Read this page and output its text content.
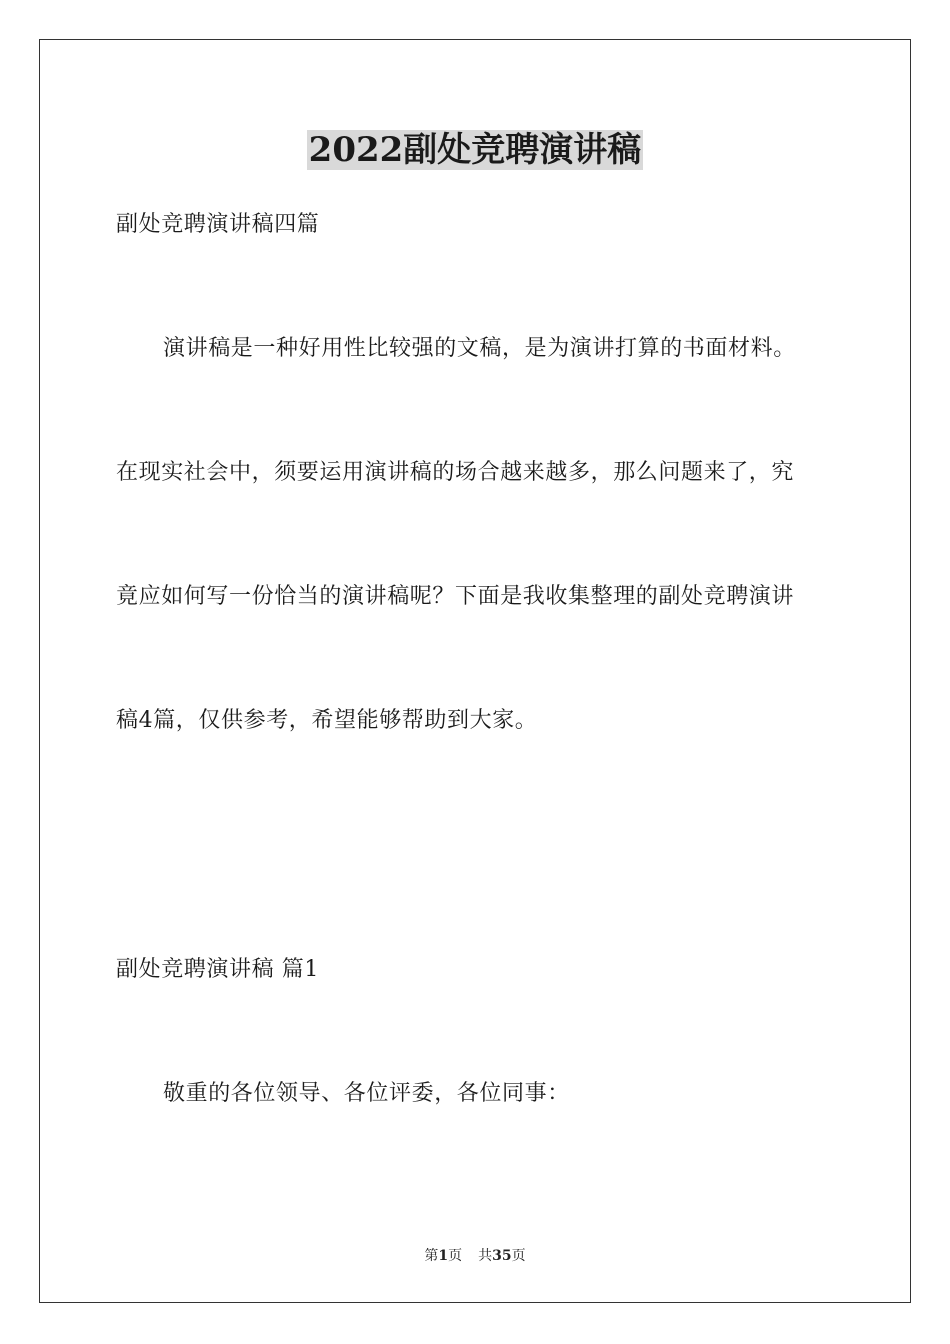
2022副处竞聘演讲稿
副处竞聘演讲稿四篇
演讲稿是一种好用性比较强的文稿，是为演讲打算的书面材料。
在现实社会中，须要运用演讲稿的场合越来越多，那么问题来了，究
竟应如何写一份恰当的演讲稿呢？下面是我收集整理的副处竞聘演讲
稿4篇，仅供参考，希望能够帮助到大家。
副处竞聘演讲稿 篇1
敬重的各位领导、各位评委，各位同事：
第1页 共35页
